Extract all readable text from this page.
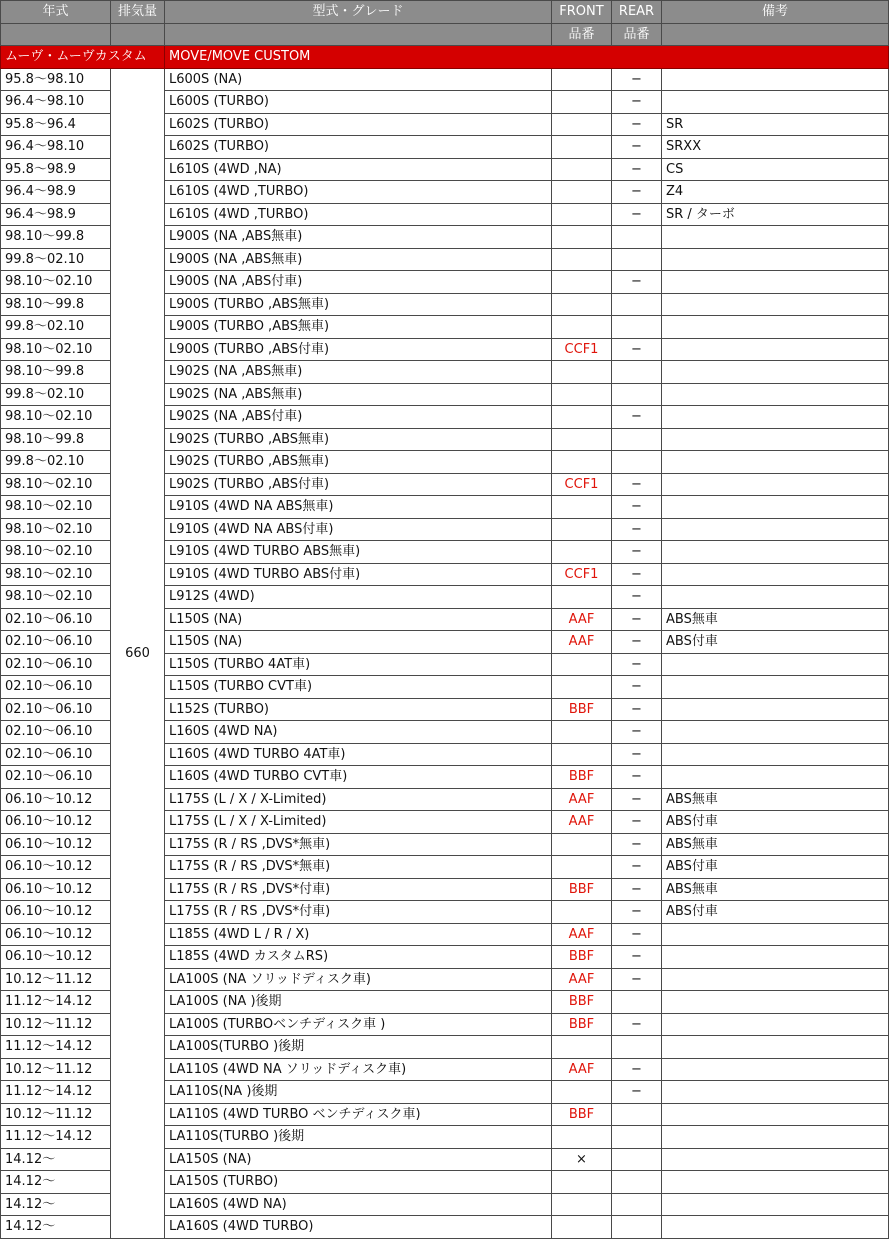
年式	排気量	型式・グレード	FRONT	REAR	備考
			品番	品番	
ムーヴ・ムーヴカスタム		MOVE/MOVE CUSTOM			
95.8～98.10	660	L600S (NA)		−	
96.4～98.10		L600S (TURBO)		−	
95.8～96.4		L602S (TURBO)		−	SR
96.4～98.10		L602S (TURBO)		−	SRXX
95.8～98.9		L610S (4WD ,NA)		−	CS
96.4～98.9		L610S (4WD ,TURBO)		−	Z4
96.4～98.9		L610S (4WD ,TURBO)		−	SR / ターボ
98.10～99.8		L900S (NA ,ABS無車)			
99.8～02.10		L900S (NA ,ABS無車)			
98.10～02.10		L900S (NA ,ABS付車)		−	
98.10～99.8		L900S (TURBO ,ABS無車)			
99.8～02.10		L900S (TURBO ,ABS無車)			
98.10～02.10		L900S (TURBO ,ABS付車)	CCF1	−	
98.10～99.8		L902S (NA ,ABS無車)			
99.8～02.10		L902S (NA ,ABS無車)			
98.10～02.10		L902S (NA ,ABS付車)		−	
98.10～99.8		L902S (TURBO ,ABS無車)			
99.8～02.10		L902S (TURBO ,ABS無車)			
98.10～02.10		L902S (TURBO ,ABS付車)	CCF1	−	
98.10～02.10		L910S (4WD NA ABS無車)		−	
98.10～02.10		L910S (4WD NA ABS付車)		−	
98.10～02.10		L910S (4WD TURBO ABS無車)		−	
98.10～02.10		L910S (4WD TURBO ABS付車)	CCF1	−	
98.10～02.10		L912S (4WD)		−	
02.10～06.10		L150S (NA)	AAF	−	ABS無車
02.10～06.10		L150S (NA)	AAF	−	ABS付車
02.10～06.10		L150S (TURBO 4AT車)		−	
02.10～06.10		L150S (TURBO CVT車)		−	
02.10～06.10		L152S (TURBO)	BBF	−	
02.10～06.10		L160S (4WD NA)		−	
02.10～06.10		L160S (4WD TURBO 4AT車)		−	
02.10～06.10		L160S (4WD TURBO CVT車)	BBF	−	
06.10～10.12		L175S (L / X / X-Limited)	AAF	−	ABS無車
06.10～10.12		L175S (L / X / X-Limited)	AAF	−	ABS付車
06.10～10.12		L175S (R / RS ,DVS*無車)		−	ABS無車
06.10～10.12		L175S (R / RS ,DVS*無車)		−	ABS付車
06.10～10.12		L175S (R / RS ,DVS*付車)	BBF	−	ABS無車
06.10～10.12		L175S (R / RS ,DVS*付車)		−	ABS付車
06.10～10.12		L185S (4WD L / R / X)	AAF	−	
06.10～10.12		L185S (4WD カスタムRS)	BBF	−	
10.12～11.12		LA100S (NA ソリッドディスク車)	AAF	−	
11.12～14.12		LA100S (NA )後期	BBF		
10.12～11.12		LA100S (TURBOベンチディスク車 )	BBF	−	
11.12～14.12		LA100S(TURBO )後期			
10.12～11.12		LA110S (4WD NA ソリッドディスク車)	AAF	−	
11.12～14.12		LA110S(NA )後期		−	
10.12～11.12		LA110S (4WD TURBO ベンチディスク車)	BBF		
11.12～14.12		LA110S(TURBO )後期			
14.12～		LA150S (NA)	×		
14.12～		LA150S (TURBO)			
14.12～		LA160S (4WD NA)			
14.12～		LA160S (4WD TURBO)			
